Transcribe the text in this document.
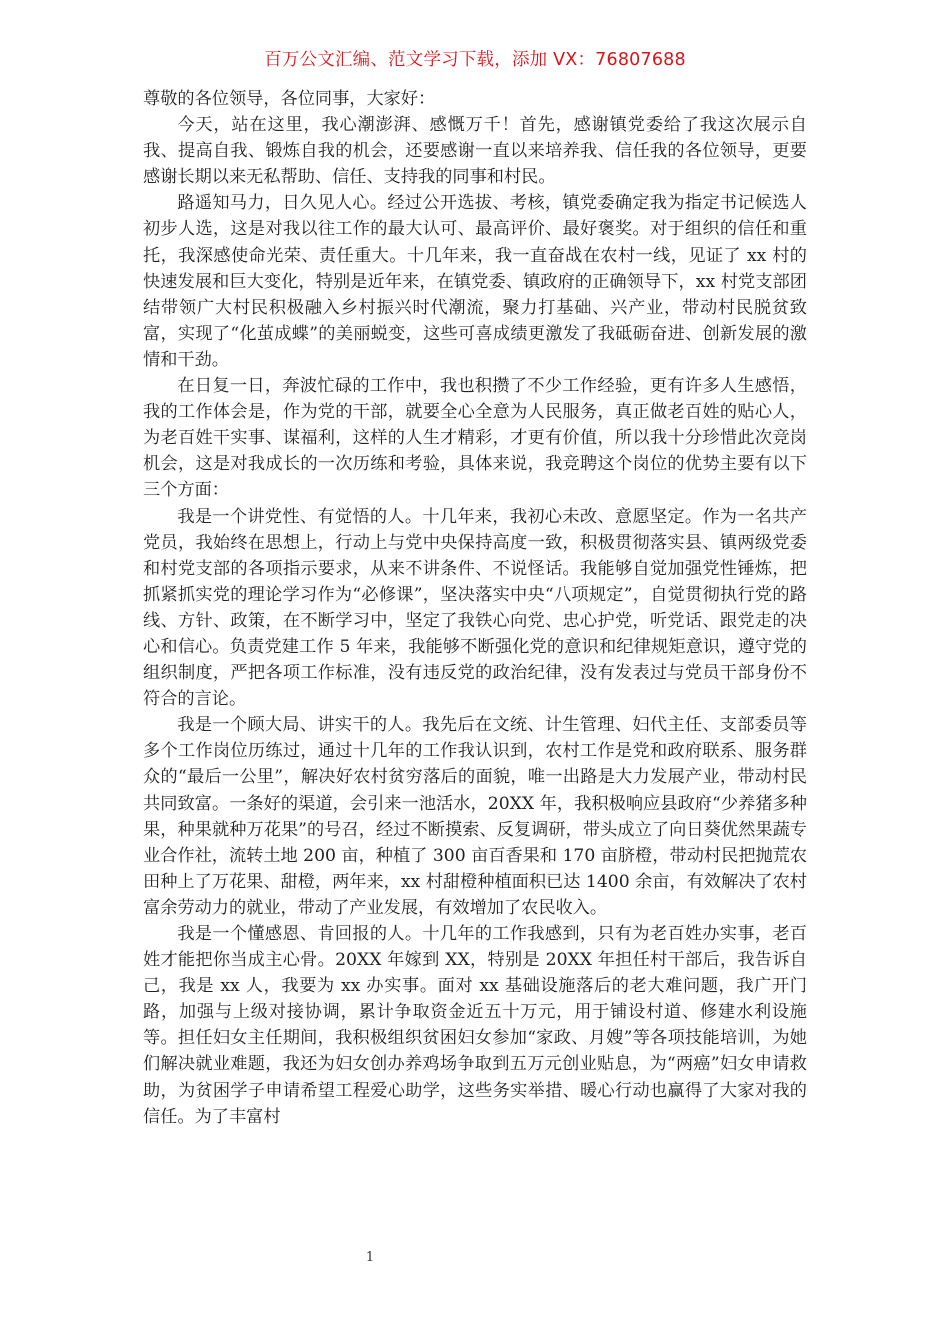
百万公文汇编、范文学习下载，添加 VX：76807688

尊敬的各位领导，各位同事，大家好：

今天，站在这里，我心潮澎湃、感慨万千！首先，感谢镇党委给了我这次展示自我、提高自我、锻炼自我的机会，还要感谢一直以来培养我、信任我的各位领导，更要感谢长期以来无私帮助、信任、支持我的同事和村民。

路遥知马力，日久见人心。经过公开选拔、考核，镇党委确定我为指定书记候选人初步人选，这是对我以往工作的最大认可、最高评价、最好褒奖。对于组织的信任和重托，我深感使命光荣、责任重大。十几年来，我一直奋战在农村一线，见证了 xx 村的快速发展和巨大变化，特别是近年来，在镇党委、镇政府的正确领导下，xx 村党支部团结带领广大村民积极融入乡村振兴时代潮流，聚力打基础、兴产业，带动村民脱贫致富，实现了“化茧成蝶”的美丽蜕变，这些可喜成绩更激发了我砥砺奋进、创新发展的激情和干劲。

在日复一日，奔波忙碌的工作中，我也积攒了不少工作经验，更有许多人生感悟，我的工作体会是，作为党的干部，就要全心全意为人民服务，真正做老百姓的贴心人，为老百姓干实事、谋福利，这样的人生才精彩，才更有价值，所以我十分珍惜此次竞岗机会，这是对我成长的一次历练和考验，具体来说，我竞聘这个岗位的优势主要有以下三个方面：

我是一个讲党性、有觉悟的人。十几年来，我初心未改、意愿坚定。作为一名共产党员，我始终在思想上，行动上与党中央保持高度一致，积极贯彻落实县、镇两级党委和村党支部的各项指示要求，从来不讲条件、不说怪话。我能够自觉加强党性锤炼，把抓紧抓实党的理论学习作为“必修课”，坚决落实中央“八项规定”，自觉贯彻执行党的路线、方针、政策，在不断学习中，坚定了我铁心向党、忠心护党，听党话、跟党走的决心和信心。负责党建工作 5 年来，我能够不断强化党的意识和纪律规矩意识，遵守党的组织制度，严把各项工作标准，没有违反党的政治纪律，没有发表过与党员干部身份不符合的言论。

我是一个顾大局、讲实干的人。我先后在文统、计生管理、妇代主任、支部委员等多个工作岗位历练过，通过十几年的工作我认识到，农村工作是党和政府联系、服务群众的“最后一公里”，解决好农村贫穷落后的面貌，唯一出路是大力发展产业，带动村民共同致富。一条好的渠道，会引来一池活水，20XX 年，我积极响应县政府“少养猪多种果，种果就种万花果”的号召，经过不断摸索、反复调研，带头成立了向日葵优然果蔬专业合作社，流转土地 200 亩，种植了 300 亩百香果和 170 亩脐橙，带动村民把抛荒农田种上了万花果、甜橙，两年来，xx 村甜橙种植面积已达 1400 余亩，有效解决了农村富余劳动力的就业，带动了产业发展，有效增加了农民收入。

我是一个懂感恩、肯回报的人。十几年的工作我感到，只有为老百姓办实事，老百姓才能把你当成主心骨。20XX 年嫁到 XX，特别是 20XX 年担任村干部后，我告诉自己，我是 xx 人，我要为 xx 办实事。面对 xx 基础设施落后的老大难问题，我广开门路，加强与上级对接协调，累计争取资金近五十万元，用于铺设村道、修建水利设施等。担任妇女主任期间，我积极组织贫困妇女参加“家政、月嫂”等各项技能培训，为她们解决就业难题，我还为妇女创办养鸡场争取到五万元创业贴息，为“两癌”妇女申请救助，为贫困学子申请希望工程爱心助学，这些务实举措、暖心行动也赢得了大家对我的信任。为了丰富村

1
